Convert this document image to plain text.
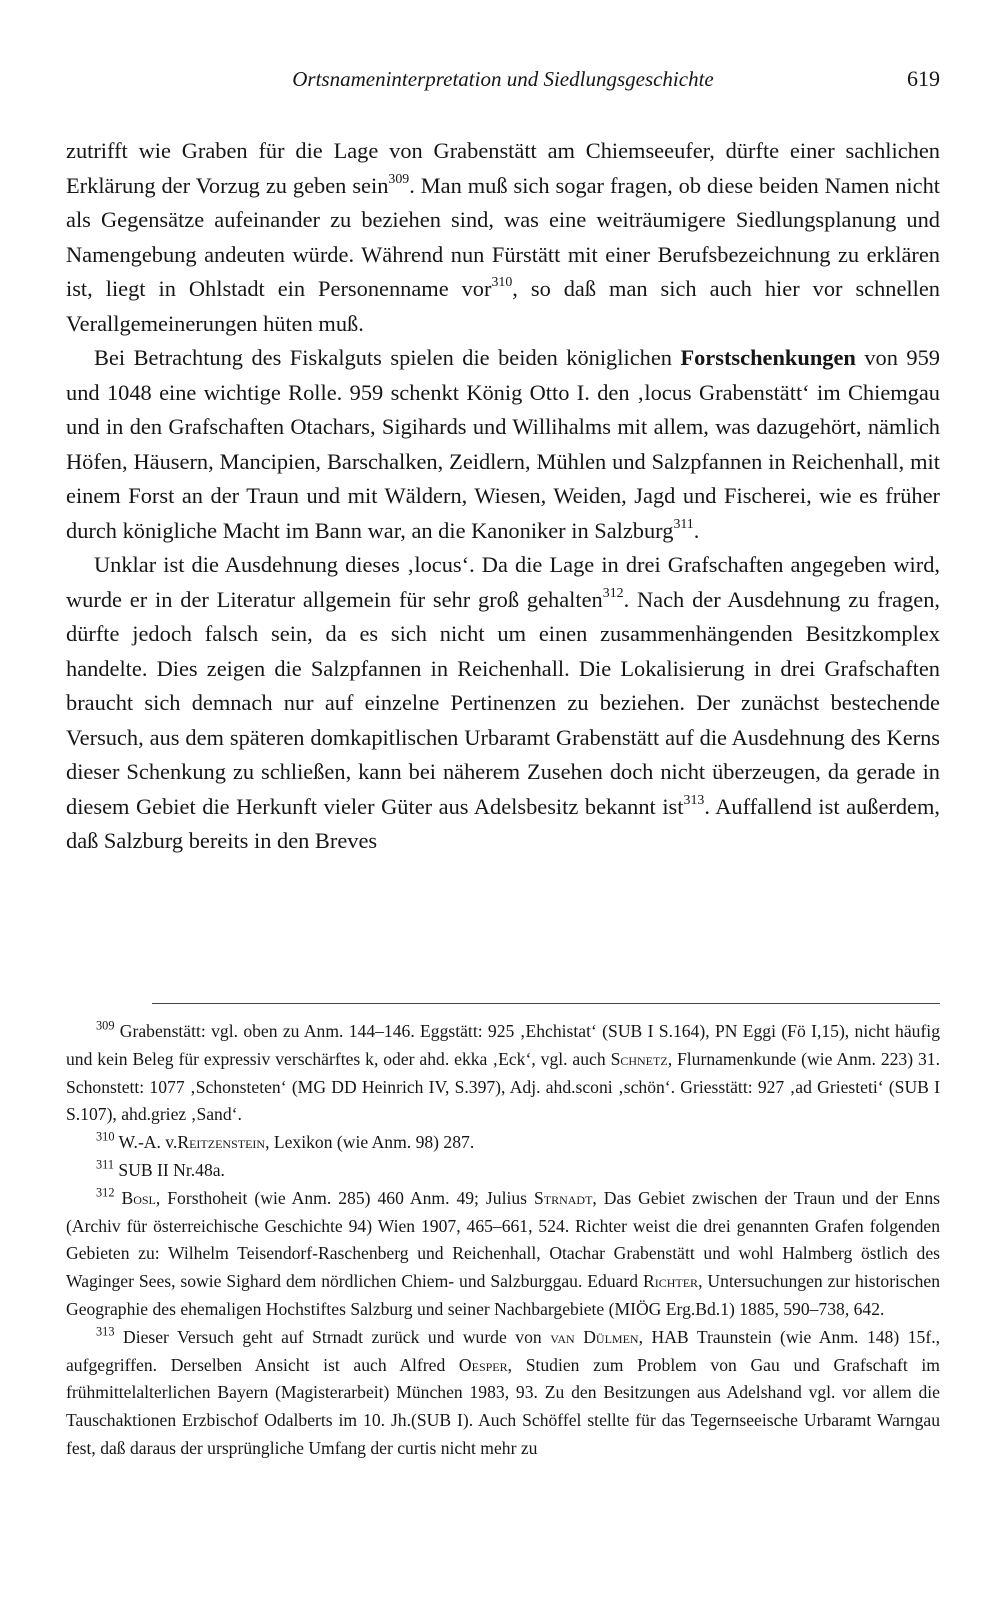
Ortsnameninterpretation und Siedlungsgeschichte	619

zutrifft wie Graben für die Lage von Grabenstätt am Chiemseeufer, dürfte einer sachlichen Erklärung der Vorzug zu geben sein$^{309}$. Man muß sich sogar fragen, ob diese beiden Namen nicht als Gegensätze aufeinander zu beziehen sind, was eine weiträumigere Siedlungsplanung und Namengebung andeuten würde. Während nun Fürstätt mit einer Berufsbezeichnung zu erklären ist, liegt in Ohlstadt ein Personenname vor$^{310}$, so daß man sich auch hier vor schnellen Verallgemeinerungen hüten muß.

Bei Betrachtung des Fiskalguts spielen die beiden königlichen Forstschenkungen von 959 und 1048 eine wichtige Rolle. 959 schenkt König Otto I. den ‚locus Grabenstätt‘ im Chiemgau und in den Grafschaften Otachars, Sigihards und Willihalms mit allem, was dazugehört, nämlich Höfen, Häusern, Mancipien, Barschalken, Zeidlern, Mühlen und Salzpfannen in Reichenhall, mit einem Forst an der Traun und mit Wäldern, Wiesen, Weiden, Jagd und Fischerei, wie es früher durch königliche Macht im Bann war, an die Kanoniker in Salzburg$^{311}$.

Unklar ist die Ausdehnung dieses ‚locus‘. Da die Lage in drei Grafschaften angegeben wird, wurde er in der Literatur allgemein für sehr groß gehalten$^{312}$. Nach der Ausdehnung zu fragen, dürfte jedoch falsch sein, da es sich nicht um einen zusammenhängenden Besitzkomplex handelte. Dies zeigen die Salzpfannen in Reichenhall. Die Lokalisierung in drei Grafschaften braucht sich demnach nur auf einzelne Pertinenzen zu beziehen. Der zunächst bestechende Versuch, aus dem späteren domkapitlischen Urbaramt Grabenstätt auf die Ausdehnung des Kerns dieser Schenkung zu schließen, kann bei näherem Zusehen doch nicht überzeugen, da gerade in diesem Gebiet die Herkunft vieler Güter aus Adelsbesitz bekannt ist$^{313}$. Auffallend ist außerdem, daß Salzburg bereits in den Breves

$^{309}$ Grabenstätt: vgl. oben zu Anm. 144–146. Eggstätt: 925 ‚Ehchistat‘ (SUB I S.164), PN Eggi (Fö I,15), nicht häufig und kein Beleg für expressiv verschärftes k, oder ahd. ekka ‚Eck‘, vgl. auch Schnetz, Flurnamenkunde (wie Anm. 223) 31. Schonstett: 1077 ‚Schonsteten‘ (MG DD Heinrich IV, S.397), Adj. ahd.sconi ‚schön‘. Griesstätt: 927 ‚ad Griesteti‘ (SUB I S.107), ahd.griez ‚Sand‘.

$^{310}$ W.-A. v.Reitzenstein, Lexikon (wie Anm. 98) 287.

$^{311}$ SUB II Nr.48a.

$^{312}$ Bosl, Forsthoheit (wie Anm. 285) 460 Anm. 49; Julius Strnadt, Das Gebiet zwischen der Traun und der Enns (Archiv für österreichische Geschichte 94) Wien 1907, 465–661, 524. Richter weist die drei genannten Grafen folgenden Gebieten zu: Wilhelm Teisendorf-Raschenberg und Reichenhall, Otachar Grabenstätt und wohl Halmberg östlich des Waginger Sees, sowie Sighard dem nördlichen Chiem- und Salzburggau. Eduard Richter, Untersuchungen zur historischen Geographie des ehemaligen Hochstiftes Salzburg und seiner Nachbargebiete (MIÖG Erg.Bd.1) 1885, 590–738, 642.

$^{313}$ Dieser Versuch geht auf Strnadt zurück und wurde von van Dülmen, HAB Traunstein (wie Anm. 148) 15f., aufgegriffen. Derselben Ansicht ist auch Alfred Oesper, Studien zum Problem von Gau und Grafschaft im frühmittelalterlichen Bayern (Magisterarbeit) München 1983, 93. Zu den Besitzungen aus Adelshand vgl. vor allem die Tauschaktionen Erzbischof Odalberts im 10. Jh.(SUB I). Auch Schöffel stellte für das Tegernseeische Urbaramt Warngau fest, daß daraus der ursprüngliche Umfang der curtis nicht mehr zu
